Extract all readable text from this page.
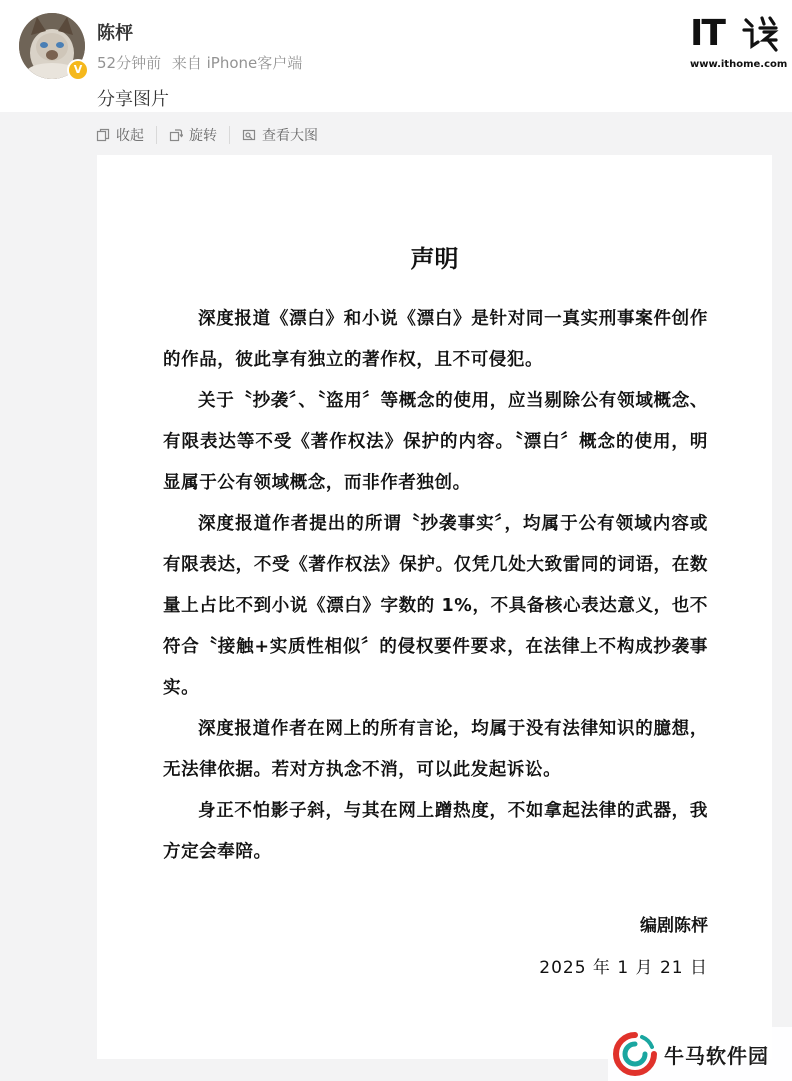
V
陈枰
52分钟前 来自 iPhone客户端
分享图片
IT
www.ithome.com
收起	旋转	查看大图
声明

深度报道《漂白》和小说《漂白》是针对同一真实刑事案件创作的作品，彼此享有独立的著作权，且不可侵犯。

关于〝抄袭〞、〝盗用〞等概念的使用，应当剔除公有领域概念、有限表达等不受《著作权法》保护的内容。〝漂白〞概念的使用，明显属于公有领域概念，而非作者独创。

深度报道作者提出的所谓〝抄袭事实〞，均属于公有领域内容或有限表达，不受《著作权法》保护。仅凭几处大致雷同的词语，在数量上占比不到小说《漂白》字数的 1%，不具备核心表达意义，也不符合〝接触+实质性相似〞的侵权要件要求，在法律上不构成抄袭事实。

深度报道作者在网上的所有言论，均属于没有法律知识的臆想，无法律依据。若对方执念不消，可以此发起诉讼。

身正不怕影子斜，与其在网上蹭热度，不如拿起法律的武器，我方定会奉陪。

编剧陈枰
2025 年 1 月 21 日
牛马软件园
